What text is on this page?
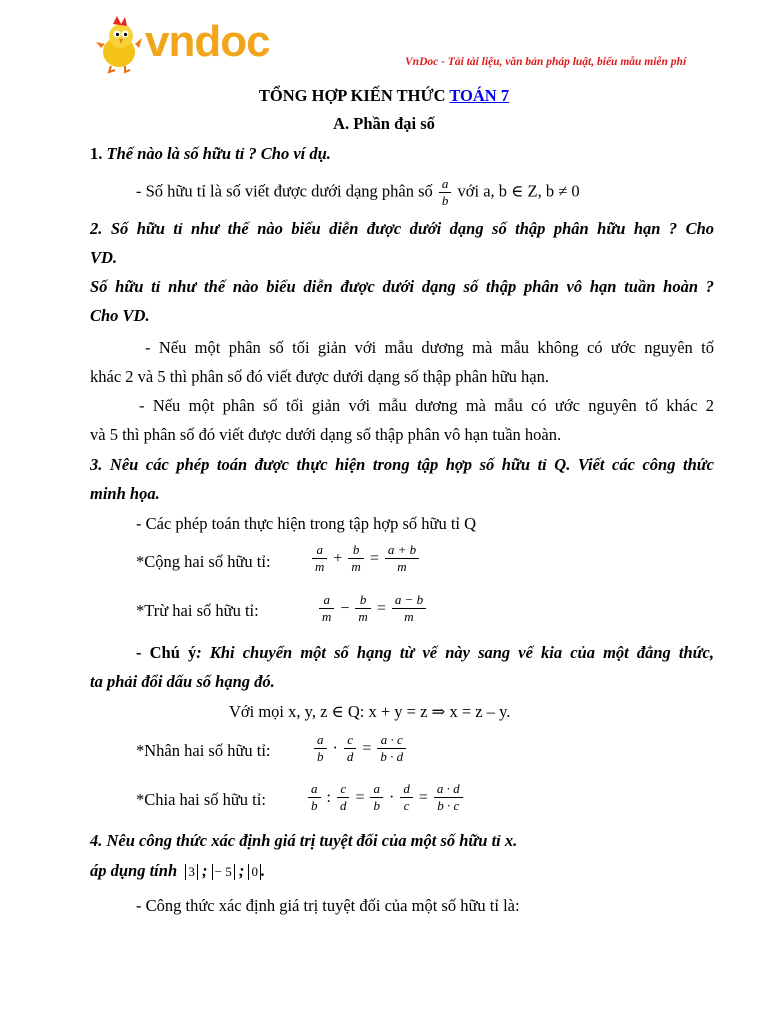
vndoc	VnDoc - Tải tài liệu, văn bản pháp luật, biểu mẫu miễn phí
TỔNG HỢP KIẾN THỨC TOÁN 7
A. Phần đại số
1. Thế nào là số hữu tỉ ? Cho ví dụ.
- Số hữu tỉ là số viết được dưới dạng phân số $\frac{a}{b}$ với a, b ∈ Z, b ≠ 0
2. Số hữu tỉ như thế nào biểu diễn được dưới dạng số thập phân hữu hạn ? Cho
VD.
Số hữu tỉ như thế nào biểu diễn được dưới dạng số thập phân vô hạn tuần hoàn ?
Cho VD.
- Nếu một phân số tối giản với mẫu dương mà mẫu không có ước nguyên tố
khác 2 và 5 thì phân số đó viết được dưới dạng số thập phân hữu hạn.
- Nếu một phân số tối giản với mẫu dương mà mẫu có ước nguyên tố khác 2
và 5 thì phân số đó viết được dưới dạng số thập phân vô hạn tuần hoàn.
3. Nêu các phép toán được thực hiện trong tập hợp số hữu tỉ Q. Viết các công thức
minh họa.
- Các phép toán thực hiện trong tập hợp số hữu tỉ Q
*Cộng hai số hữu tỉ:	$\frac{a}{m} + \frac{b}{m} = \frac{a + b}{m}$
*Trừ hai số hữu tỉ:	$\frac{a}{m} - \frac{b}{m} = \frac{a - b}{m}$
- Chú ý: Khi chuyển một số hạng từ vế này sang vế kia của một đẳng thức,
ta phải đổi dấu số hạng đó.
Với mọi x, y, z ∈ Q: x + y = z ⇒ x = z – y.
*Nhân hai số hữu tỉ:	$\frac{a}{b} \cdot \frac{c}{d} = \frac{a \cdot c}{b \cdot d}$
*Chia hai số hữu tỉ:	$\frac{a}{b}$ : $\frac{c}{d} = \frac{a}{b} \cdot \frac{d}{c} = \frac{a \cdot d}{b \cdot c}$
4. Nêu công thức xác định giá trị tuyệt đối của một số hữu tỉ x.
áp dụng tính 3 ; − 5 ; 0 .
- Công thức xác định giá trị tuyệt đối của một số hữu tỉ là:
